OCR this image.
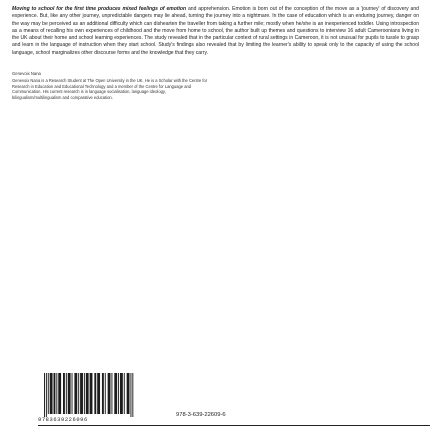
Moving to school for the first time produces mixed feelings of emotion and apprehension. Emotion is born out of the conception of the move as a 'journey' of discovery and experience. But, like any other journey, unpredictable dangers may lie ahead, turning the journey into a nightmare. In the case of education which is an enduring journey, danger on the way may be perceived as an additional difficulty which can dishearten the traveller from taking a further mile; mostly when he/she is an inexperienced toddler. Using introspection as a means of recalling his own experiences of childhood and the move from home to school, the author built up themes and questions to interview 16 adult Cameroonians living in the UK about their home and school learning experiences. The study revealed that in the particular context of rural settings in Cameroon, it is not unusual for pupils to tussle to grasp and learn in the language of instruction when they start school. Study's findings also revealed that by limiting the learner's ability to speak only to the capacity of using the school language, school marginalizes other discourse forms and the knowledge that they carry.

Genevoix Nana

Genevoix Nana is a Research Student at The Open University in the UK. He is a Scholar with the Centre for Research in Education and Educational Technology and a member of the Centre for Language and Communication. His current research is in language socialisation, language ideology, bilingualism/multilingualism and comparative education.

9783639226096
978-3-639-22609-6
